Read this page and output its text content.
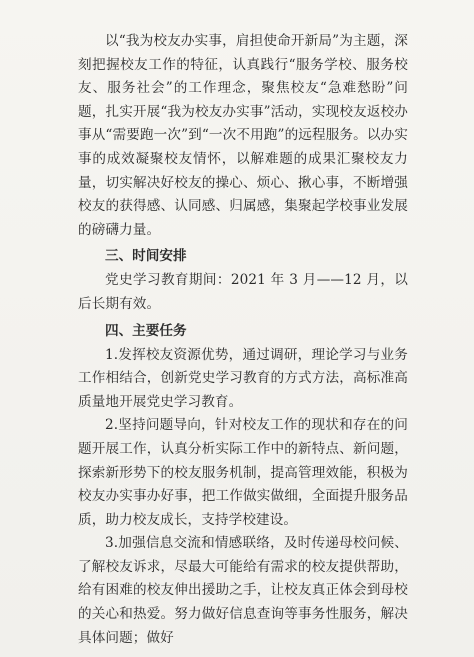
以“我为校友办实事，肩担使命开新局”为主题，深刻把握校友工作的特征，认真践行“服务学校、服务校友、服务社会”的工作理念，聚焦校友“急难愁盼”问题，扎实开展“我为校友办实事”活动，实现校友返校办事从“需要跑一次”到“一次不用跑”的远程服务。以办实事的成效凝聚校友情怀，以解难题的成果汇聚校友力量，切实解决好校友的操心、烦心、揪心事，不断增强校友的获得感、认同感、归属感，集聚起学校事业发展的磅礴力量。

三、时间安排

党史学习教育期间：2021 年 3 月——12 月，以后长期有效。

四、主要任务

1.发挥校友资源优势，通过调研，理论学习与业务工作相结合，创新党史学习教育的方式方法，高标准高质量地开展党史学习教育。

2.坚持问题导向，针对校友工作的现状和存在的问题开展工作，认真分析实际工作中的新特点、新问题，探索新形势下的校友服务机制，提高管理效能，积极为校友办实事办好事，把工作做实做细，全面提升服务品质，助力校友成长，支持学校建设。

3.加强信息交流和情感联络，及时传递母校问候、了解校友诉求，尽最大可能给有需求的校友提供帮助，给有困难的校友伸出援助之手，让校友真正体会到母校的关心和热爱。努力做好信息查询等事务性服务，解决具体问题；做好
